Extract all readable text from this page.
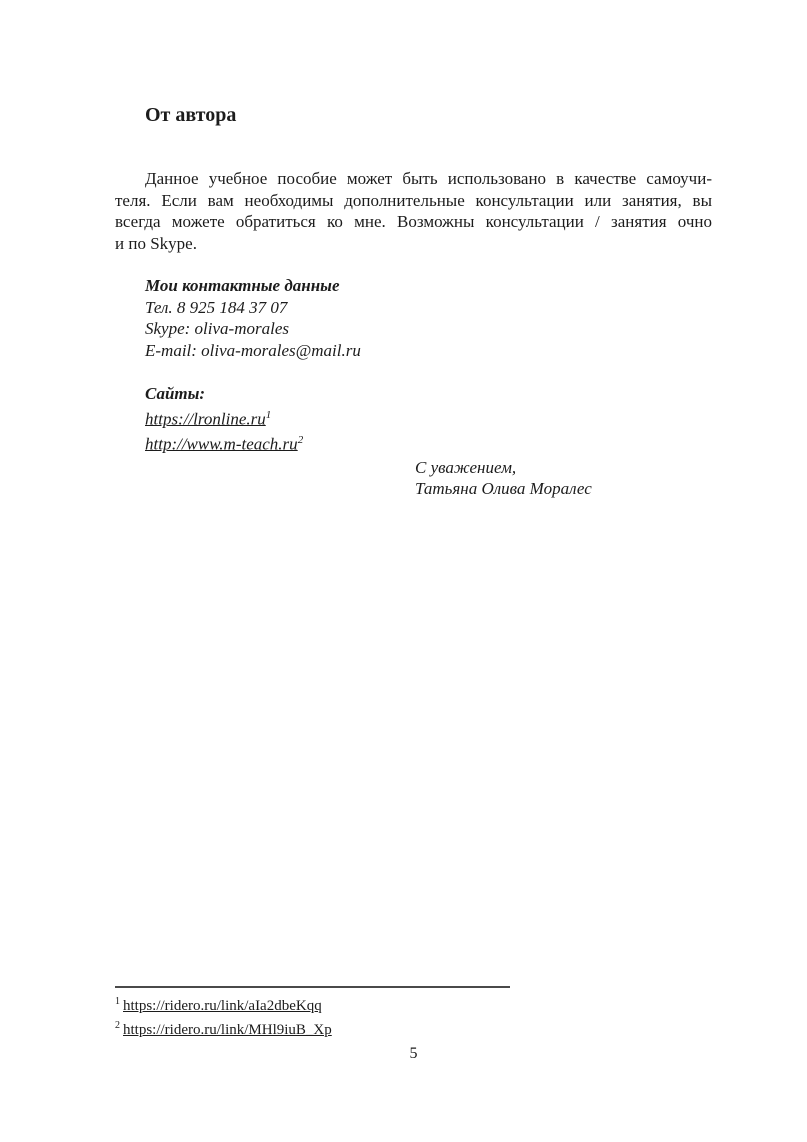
От автора
Данное учебное пособие может быть использовано в качестве самоучи-
теля. Если вам необходимы дополнительные консультации или занятия, вы
всегда можете обратиться ко мне. Возможны консультации / занятия очно
и по Skype.
Мои контактные данные
Тел. 8 925 184 37 07
Skype: oliva-morales
E-mail: oliva-morales@mail.ru
Сайты:
https://lronline.ru$^1$
http://www.m-teach.ru$^2$
С уважением,
Татьяна Олива Моралес
$^1$ https://ridero.ru/link/aIa2dbeKqq
$^2$ https://ridero.ru/link/MHl9iuB_Xp
5
